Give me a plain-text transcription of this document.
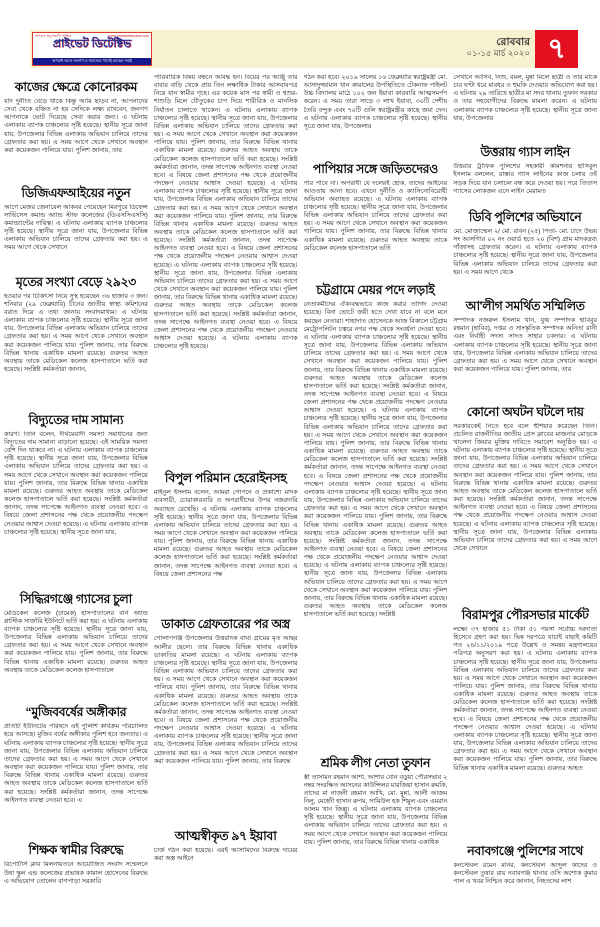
অপরাধ অনুসন্ধানী পাক্ষিক	www.privatedetective.com
প্রাইভেট ডিটেক্টিভ
অপরাধ দমনে জনগণ ও সমাজের পাশেই আছেন সবাই
রোববার
০১-১৫ মার্চ ২০২০ ৭
কাজের ক্ষেত্রে কোনোরকম

যদি দুর্নীতি বেড়ে থাকে কিন্তু আমি ছাড়ব না, আপনাদের সেবা থেকে বঞ্চিত না হয় সেদিকে লক্ষ্য রাখবেন, জনগণ আপনাকে ভোট দিয়েছে সেবা করার জন্য। এ ঘটনায় এলাকায় ব্যাপক চাঞ্চল্যের সৃষ্টি হয়েছে। স্থানীয় সূত্রে জানা যায়, উপজেলার বিভিন্ন এলাকায় অভিযান চালিয়ে তাদের গ্রেফতার করা হয়। এ সময় আগে থেকে সেখানে অবস্থান করা কয়েকজন পালিয়ে যায়। পুলিশ জানায়, তার

ডিজিএফআইয়ের নতুন

আগে মেজর জেনারেল আকবর পেয়েছেন মিরপুরে ডিফেন্স সার্ভিসেস কমান্ড অ্যান্ড স্টাফ কলেজের (ডিএসসিএসসি) কমান্ড্যান্টের দায়িত্ব। এ ঘটনায় এলাকায় ব্যাপক চাঞ্চল্যের সৃষ্টি হয়েছে। স্থানীয় সূত্রে জানা যায়, উপজেলার বিভিন্ন এলাকায় অভিযান চালিয়ে তাদের গ্রেফতার করা হয়। এ সময় আগে থেকে সেখানে

মৃতের সংখ্যা বেড়ে ২৯২৩

হওয়ার পর চিকিৎসা নিয়ে সুস্থ হয়েছেন ৩৬ হাজার ৩ জন। শনিবার (২৯ ফেব্রুয়ারি) চীনের জাতীয় স্বাস্থ্য কমিশনের বরাত দিয়ে এ তথ্য জানায় সংবাদমাধ্যম। এ ঘটনায় এলাকায় ব্যাপক চাঞ্চল্যের সৃষ্টি হয়েছে। স্থানীয় সূত্রে জানা যায়, উপজেলার বিভিন্ন এলাকায় অভিযান চালিয়ে তাদের গ্রেফতার করা হয়। এ সময় আগে থেকে সেখানে অবস্থান করা কয়েকজন পালিয়ে যায়। পুলিশ জানায়, তার বিরুদ্ধে বিভিন্ন থানায় একাধিক মামলা রয়েছে। গুরুতর আহত অবস্থায় তাকে মেডিকেল কলেজ হাসপাতালে ভর্তি করা হয়েছে। সংশ্লিষ্ট কর্মকর্তারা জানান,

বিদ্যুতের দাম সামান্য

কারণ। তিনি বলেন, দীর্ঘমেয়াদী সমস্যা সমাধানের জন্য বিদ্যুতের দাম সামান্য বাড়ানো হয়েছে। এই সাময়িক সমস্যা বেশি দিন থাকবে না। এ ঘটনায় এলাকায় ব্যাপক চাঞ্চল্যের সৃষ্টি হয়েছে। স্থানীয় সূত্রে জানা যায়, উপজেলার বিভিন্ন এলাকায় অভিযান চালিয়ে তাদের গ্রেফতার করা হয়। এ সময় আগে থেকে সেখানে অবস্থান করা কয়েকজন পালিয়ে যায়। পুলিশ জানায়, তার বিরুদ্ধে বিভিন্ন থানায় একাধিক মামলা রয়েছে। গুরুতর আহত অবস্থায় তাকে মেডিকেল কলেজ হাসপাতালে ভর্তি করা হয়েছে। সংশ্লিষ্ট কর্মকর্তারা জানান, তদন্ত সাপেক্ষে আইনগত ব্যবস্থা নেওয়া হবে। এ বিষয়ে জেলা প্রশাসনের পক্ষ থেকে প্রয়োজনীয় পদক্ষেপ নেওয়ার আশ্বাস দেওয়া হয়েছে। এ ঘটনায় এলাকায় ব্যাপক চাঞ্চল্যের সৃষ্টি হয়েছে। স্থানীয় সূত্রে জানা যায়,

সিদ্ধিরগঞ্জে গ্যাসের চুলা

মেডিকেল কলেজ (ঢামেক) হাসপাতালের বার্ন অ্যান্ড প্লাস্টিক সার্জারি ইউনিটে ভর্তি করা হয়। এ ঘটনায় এলাকায় ব্যাপক চাঞ্চল্যের সৃষ্টি হয়েছে। স্থানীয় সূত্রে জানা যায়, উপজেলার বিভিন্ন এলাকায় অভিযান চালিয়ে তাদের গ্রেফতার করা হয়। এ সময় আগে থেকে সেখানে অবস্থান করা কয়েকজন পালিয়ে যায়। পুলিশ জানায়, তার বিরুদ্ধে বিভিন্ন থানায় একাধিক মামলা রয়েছে। গুরুতর আহত অবস্থায় তাকে মেডিকেল কলেজ হাসপাতালে

“মুজিববর্ষের অঙ্গীকার

প্রতিটি ইউনিটের পরিষদে এই পুলিশি কার্যক্রম পরিচালিত হয়ে আসছে। মুজিব বর্ষের অঙ্গীকার পুলিশ হবে জনতার। এ ঘটনায় এলাকায় ব্যাপক চাঞ্চল্যের সৃষ্টি হয়েছে। স্থানীয় সূত্রে জানা যায়, উপজেলার বিভিন্ন এলাকায় অভিযান চালিয়ে তাদের গ্রেফতার করা হয়। এ সময় আগে থেকে সেখানে অবস্থান করা কয়েকজন পালিয়ে যায়। পুলিশ জানায়, তার বিরুদ্ধে বিভিন্ন থানায় একাধিক মামলা রয়েছে। গুরুতর আহত অবস্থায় তাকে মেডিকেল কলেজ হাসপাতালে ভর্তি করা হয়েছে। সংশ্লিষ্ট কর্মকর্তারা জানান, তদন্ত সাপেক্ষে আইনগত ব্যবস্থা নেওয়া হবে। এ

শিক্ষক স্বামীর বিরুদ্ধে

রিপোর্টার্স ক্লাব মিলনায়তনে আয়োজিত সংবাদ সম্মেলনে উষা স্কুল এন্ড কলেজের প্রভাষক কামাল হোসেনের বিরুদ্ধে এ অভিযোগ তোলেন বাগপাড়া সরকারি

পারিবারিক বিষয় বন্ধনে আবদ্ধ হন। বিয়ের পর আঞ্জু তার বাবার বাড়ি থেকে প্রায় তিন লক্ষাধিক টাকার আসবাবপত্র নিয়ে যান স্বামীর গৃহে। এর কয়েক মাস পর স্বামী ও শ্বশুর-শাশুড়ি মিলে যৌতুকের চাপ দিয়ে শারীরিক ও মানসিক নির্যাতন চালাতে থাকেন। এ ঘটনায় এলাকায় ব্যাপক চাঞ্চল্যের সৃষ্টি হয়েছে। স্থানীয় সূত্রে জানা যায়, উপজেলার বিভিন্ন এলাকায় অভিযান চালিয়ে তাদের গ্রেফতার করা হয়। এ সময় আগে থেকে সেখানে অবস্থান করা কয়েকজন পালিয়ে যায়। পুলিশ জানায়, তার বিরুদ্ধে বিভিন্ন থানায় একাধিক মামলা রয়েছে। গুরুতর আহত অবস্থায় তাকে মেডিকেল কলেজ হাসপাতালে ভর্তি করা হয়েছে। সংশ্লিষ্ট কর্মকর্তারা জানান, তদন্ত সাপেক্ষে আইনগত ব্যবস্থা নেওয়া হবে। এ বিষয়ে জেলা প্রশাসনের পক্ষ থেকে প্রয়োজনীয় পদক্ষেপ নেওয়ার আশ্বাস দেওয়া হয়েছে। এ ঘটনায় এলাকায় ব্যাপক চাঞ্চল্যের সৃষ্টি হয়েছে। স্থানীয় সূত্রে জানা যায়, উপজেলার বিভিন্ন এলাকায় অভিযান চালিয়ে তাদের গ্রেফতার করা হয়। এ সময় আগে থেকে সেখানে অবস্থান করা কয়েকজন পালিয়ে যায়। পুলিশ জানায়, তার বিরুদ্ধে বিভিন্ন থানায় একাধিক মামলা রয়েছে। গুরুতর আহত অবস্থায় তাকে মেডিকেল কলেজ হাসপাতালে ভর্তি করা হয়েছে। সংশ্লিষ্ট কর্মকর্তারা জানান, তদন্ত সাপেক্ষে আইনগত ব্যবস্থা নেওয়া হবে। এ বিষয়ে জেলা প্রশাসনের পক্ষ থেকে প্রয়োজনীয় পদক্ষেপ নেওয়ার আশ্বাস দেওয়া হয়েছে। এ ঘটনায় এলাকায় ব্যাপক চাঞ্চল্যের সৃষ্টি হয়েছে। স্থানীয় সূত্রে জানা যায়, উপজেলার বিভিন্ন এলাকায় অভিযান চালিয়ে তাদের গ্রেফতার করা হয়। এ সময় আগে থেকে সেখানে অবস্থান করা কয়েকজন পালিয়ে যায়। পুলিশ জানায়, তার বিরুদ্ধে বিভিন্ন থানায় একাধিক মামলা রয়েছে। গুরুতর আহত অবস্থায় তাকে মেডিকেল কলেজ হাসপাতালে ভর্তি করা হয়েছে। সংশ্লিষ্ট কর্মকর্তারা জানান, তদন্ত সাপেক্ষে আইনগত ব্যবস্থা নেওয়া হবে। এ বিষয়ে জেলা প্রশাসনের পক্ষ থেকে প্রয়োজনীয় পদক্ষেপ নেওয়ার আশ্বাস দেওয়া হয়েছে। এ ঘটনায় এলাকায় ব্যাপক চাঞ্চল্যের সৃষ্টি হয়েছে।

বিপুল পরিমান হেরোইনসহ

মাইনুল ইসলাম বলেন, আমরা গোপনে ও প্রকাশ্যে মাদক ব্যবসায়ী, চোরাকারবারি ও অপরাধীদের উপর নজরদারি অব্যাহত রেখেছি। এ ঘটনায় এলাকায় ব্যাপক চাঞ্চল্যের সৃষ্টি হয়েছে। স্থানীয় সূত্রে জানা যায়, উপজেলার বিভিন্ন এলাকায় অভিযান চালিয়ে তাদের গ্রেফতার করা হয়। এ সময় আগে থেকে সেখানে অবস্থান করা কয়েকজন পালিয়ে যায়। পুলিশ জানায়, তার বিরুদ্ধে বিভিন্ন থানায় একাধিক মামলা রয়েছে। গুরুতর আহত অবস্থায় তাকে মেডিকেল কলেজ হাসপাতালে ভর্তি করা হয়েছে। সংশ্লিষ্ট কর্মকর্তারা জানান, তদন্ত সাপেক্ষে আইনগত ব্যবস্থা নেওয়া হবে। এ বিষয়ে জেলা প্রশাসনের পক্ষ

ডাকাত গ্রেফতারের পর অস্ত্র

গোলাপগঞ্জ উপজেলার উত্তরদিক বাঘা গ্রামের মৃত আছর আলীর ছেলে। তার বিরুদ্ধে বিভিন্ন থানায় একাধিক ডাকাতির মামলা রয়েছে। এ ঘটনায় এলাকায় ব্যাপক চাঞ্চল্যের সৃষ্টি হয়েছে। স্থানীয় সূত্রে জানা যায়, উপজেলার বিভিন্ন এলাকায় অভিযান চালিয়ে তাদের গ্রেফতার করা হয়। এ সময় আগে থেকে সেখানে অবস্থান করা কয়েকজন পালিয়ে যায়। পুলিশ জানায়, তার বিরুদ্ধে বিভিন্ন থানায় একাধিক মামলা রয়েছে। গুরুতর আহত অবস্থায় তাকে মেডিকেল কলেজ হাসপাতালে ভর্তি করা হয়েছে। সংশ্লিষ্ট কর্মকর্তারা জানান, তদন্ত সাপেক্ষে আইনগত ব্যবস্থা নেওয়া হবে। এ বিষয়ে জেলা প্রশাসনের পক্ষ থেকে প্রয়োজনীয় পদক্ষেপ নেওয়ার আশ্বাস দেওয়া হয়েছে। এ ঘটনায় এলাকায় ব্যাপক চাঞ্চল্যের সৃষ্টি হয়েছে। স্থানীয় সূত্রে জানা যায়, উপজেলার বিভিন্ন এলাকায় অভিযান চালিয়ে তাদের গ্রেফতার করা হয়। এ সময় আগে থেকে সেখানে অবস্থান করা কয়েকজন পালিয়ে যায়। পুলিশ জানায়, তার বিরুদ্ধে

আত্মস্বীকৃত ৯৭ ইয়াবা

চার্জ গঠন করা হয়েছে। এরই আসামিদের বিরুদ্ধে দায়ের করা অস্ত্র আইনে

গঠন করা হবে। ২০১৯ সালের ১৬ ফেব্রুয়ারি স্বরাষ্ট্রমন্ত্রী মো. আসাদুজ্জামান খান কামালের উপস্থিতিতে টেকনাফ পাইলট উচ্চ বিদ্যালয় মাঠে ১০২ জন ইয়াবা কারবারি আত্মসমর্পণ করেন। এ সময় তারা সাড়ে ৩ লাখ ইয়াবা, ৩০টি দেশীয় তৈরি বন্দুক এবং ৭০টি গুলি স্বরাষ্ট্রমন্ত্রীর কাছে জমা দেন। এ ঘটনায় এলাকায় ব্যাপক চাঞ্চল্যের সৃষ্টি হয়েছে। স্থানীয় সূত্রে জানা যায়, উপজেলার

পাপিয়ার সঙ্গে জড়িতদেরও

পার পাবে না। অপরাধী যে দলেরই হোক, তাদের আইনের আওতায় আনা হবে। এখনে দুর্নীতি ও ক্যাসিনোবিরোধী অভিযান অব্যাহত রয়েছে। এ ঘটনায় এলাকায় ব্যাপক চাঞ্চল্যের সৃষ্টি হয়েছে। স্থানীয় সূত্রে জানা যায়, উপজেলার বিভিন্ন এলাকায় অভিযান চালিয়ে তাদের গ্রেফতার করা হয়। এ সময় আগে থেকে সেখানে অবস্থান করা কয়েকজন পালিয়ে যায়। পুলিশ জানায়, তার বিরুদ্ধে বিভিন্ন থানায় একাধিক মামলা রয়েছে। গুরুতর আহত অবস্থায় তাকে মেডিকেল কলেজ হাসপাতালে ভর্তি

চট্টগ্রামে মেয়র পদে লড়াই

নেতাকর্মীদের ঐক্যবদ্ধভাবে কাজ করার তাগিদ দেওয়া হয়েছে। বিনা ভোটে জয়ী হতে দেখা যাবে না বলে মনে করছেন নেতারা। শাহাদাত হোসেনকে আজ বিকালে চট্টগ্রাম মেট্রোপলিটন চত্বরে নগর পক্ষ থেকে সংবর্ধনা দেওয়া হবে। এ ঘটনায় এলাকায় ব্যাপক চাঞ্চল্যের সৃষ্টি হয়েছে। স্থানীয় সূত্রে জানা যায়, উপজেলার বিভিন্ন এলাকায় অভিযান চালিয়ে তাদের গ্রেফতার করা হয়। এ সময় আগে থেকে সেখানে অবস্থান করা কয়েকজন পালিয়ে যায়। পুলিশ জানায়, তার বিরুদ্ধে বিভিন্ন থানায় একাধিক মামলা রয়েছে। গুরুতর আহত অবস্থায় তাকে মেডিকেল কলেজ হাসপাতালে ভর্তি করা হয়েছে। সংশ্লিষ্ট কর্মকর্তারা জানান, তদন্ত সাপেক্ষে আইনগত ব্যবস্থা নেওয়া হবে। এ বিষয়ে জেলা প্রশাসনের পক্ষ থেকে প্রয়োজনীয় পদক্ষেপ নেওয়ার আশ্বাস দেওয়া হয়েছে। এ ঘটনায় এলাকায় ব্যাপক চাঞ্চল্যের সৃষ্টি হয়েছে। স্থানীয় সূত্রে জানা যায়, উপজেলার বিভিন্ন এলাকায় অভিযান চালিয়ে তাদের গ্রেফতার করা হয়। এ সময় আগে থেকে সেখানে অবস্থান করা কয়েকজন পালিয়ে যায়। পুলিশ জানায়, তার বিরুদ্ধে বিভিন্ন থানায় একাধিক মামলা রয়েছে। গুরুতর আহত অবস্থায় তাকে মেডিকেল কলেজ হাসপাতালে ভর্তি করা হয়েছে। সংশ্লিষ্ট কর্মকর্তারা জানান, তদন্ত সাপেক্ষে আইনগত ব্যবস্থা নেওয়া হবে। এ বিষয়ে জেলা প্রশাসনের পক্ষ থেকে প্রয়োজনীয় পদক্ষেপ নেওয়ার আশ্বাস দেওয়া হয়েছে। এ ঘটনায় এলাকায় ব্যাপক চাঞ্চল্যের সৃষ্টি হয়েছে। স্থানীয় সূত্রে জানা যায়, উপজেলার বিভিন্ন এলাকায় অভিযান চালিয়ে তাদের গ্রেফতার করা হয়। এ সময় আগে থেকে সেখানে অবস্থান করা কয়েকজন পালিয়ে যায়। পুলিশ জানায়, তার বিরুদ্ধে বিভিন্ন থানায় একাধিক মামলা রয়েছে। গুরুতর আহত অবস্থায় তাকে মেডিকেল কলেজ হাসপাতালে ভর্তি করা হয়েছে। সংশ্লিষ্ট কর্মকর্তারা জানান, তদন্ত সাপেক্ষে আইনগত ব্যবস্থা নেওয়া হবে। এ বিষয়ে জেলা প্রশাসনের পক্ষ থেকে প্রয়োজনীয় পদক্ষেপ নেওয়ার আশ্বাস দেওয়া হয়েছে। এ ঘটনায় এলাকায় ব্যাপক চাঞ্চল্যের সৃষ্টি হয়েছে। স্থানীয় সূত্রে জানা যায়, উপজেলার বিভিন্ন এলাকায় অভিযান চালিয়ে তাদের গ্রেফতার করা হয়। এ সময় আগে থেকে সেখানে অবস্থান করা কয়েকজন পালিয়ে যায়। পুলিশ জানায়, তার বিরুদ্ধে বিভিন্ন থানায় একাধিক মামলা রয়েছে। গুরুতর আহত অবস্থায় তাকে মেডিকেল কলেজ হাসপাতালে ভর্তি করা হয়েছে। সংশ্লিষ্ট

শ্রমিক লীগ নেতা তুফান

স্ত্রী তাসমিন রহমান আশা, আশার বোন বড়ুয়া পৌরসভার ২ নম্বর সংরক্ষিত আসনের কাউন্সিলর মারজিয়া হাসান রুমকি, তাদের মা নাজনী রহমান আখি, মো. মুন্না, আলী আজম নিলু, মেহেদী হাসান রুপম, সামিউল হক শিমুল এবং এমরান আলম খান জিল্লু। এ ঘটনায় এলাকায় ব্যাপক চাঞ্চল্যের সৃষ্টি হয়েছে। স্থানীয় সূত্রে জানা যায়, উপজেলার বিভিন্ন এলাকায় অভিযান চালিয়ে তাদের গ্রেফতার করা হয়। এ সময় আগে থেকে সেখানে অবস্থান করা কয়েকজন পালিয়ে যায়। পুলিশ জানায়, তার বিরুদ্ধে বিভিন্ন থানায় একাধিক

সেখানে আসিব, নিশু, রমল, মুন্না মিলে ছাত্রী ও তার মাকে চার ঘণ্টা ধরে মারধর ও হুমকি দেওয়ার অভিযোগ করা হয়। এ ঘটনায় ২৯ তারিখে ছাত্রীর মা সদর থানায় তুফান সরকার ও তার সহযোগীদের বিরুদ্ধে মামলা করেন। এ ঘটনায় এলাকায় ব্যাপক চাঞ্চল্যের সৃষ্টি হয়েছে। স্থানীয় সূত্রে জানা যায়, উপজেলার

উত্তরায় গ্যাস লাইন

উত্তরার ট্রাফিক পুলিশের সহকারী কমিশনার হাসিবুল ইসলাম বললেন, রাস্তার গ্যাস লাইনের কাজ চলায় ওই সড়ক দিয়ে যান চলাচল বন্ধ করে দেওয়া হয়। পরে তিতাস গ্যাসের লোকজন এসে লাইন মেরামত

ডিবি পুলিশের অভিযানে

মো. মোজাম্মেল ২/ মো. রবিন (২৫) পিতা- মো. চাদে উভয় সং আসগিার ০২ নং ওয়ার্ড হতে ২০ (বিশ) গ্রাম মাদকদ্রব্য গাঁজাসহ গ্রেফতার করেন। এ ঘটনায় এলাকায় ব্যাপক চাঞ্চল্যের সৃষ্টি হয়েছে। স্থানীয় সূত্রে জানা যায়, উপজেলার বিভিন্ন এলাকায় অভিযান চালিয়ে তাদের গ্রেফতার করা হয়। এ সময় আগে থেকে

আ'লীগ সমর্থিত সম্মিলিত

সম্পাদক নজরুল ইসলাম খান, যুগ্ম সম্পাদক হাবিবুর রহমান (হাবিব), দপ্তর ও সাংস্কৃতিক সম্পাদক অনিতা রানী এবং নির্বাহী সদস্য সাদত সাহার চকদার। এ ঘটনায় এলাকায় ব্যাপক চাঞ্চল্যের সৃষ্টি হয়েছে। স্থানীয় সূত্রে জানা যায়, উপজেলার বিভিন্ন এলাকায় অভিযান চালিয়ে তাদের গ্রেফতার করা হয়। এ সময় আগে থেকে সেখানে অবস্থান করা কয়েকজন পালিয়ে যায়। পুলিশ জানায়, তার

কোনো অঘটন ঘটলে দায়

সরকারকেই নিতে হবে বলে হুঁশিয়ার করেছেন তিনি। প্রচলিত রাজনীতির জাতীয় প্রেস ক্লাবের মাজনার মোড়কে খালেদা জিয়ার মুক্তির দাবিতে সমাবেশ অনুষ্ঠিত হয়। এ ঘটনায় এলাকায় ব্যাপক চাঞ্চল্যের সৃষ্টি হয়েছে। স্থানীয় সূত্রে জানা যায়, উপজেলার বিভিন্ন এলাকায় অভিযান চালিয়ে তাদের গ্রেফতার করা হয়। এ সময় আগে থেকে সেখানে অবস্থান করা কয়েকজন পালিয়ে যায়। পুলিশ জানায়, তার বিরুদ্ধে বিভিন্ন থানায় একাধিক মামলা রয়েছে। গুরুতর আহত অবস্থায় তাকে মেডিকেল কলেজ হাসপাতালে ভর্তি করা হয়েছে। সংশ্লিষ্ট কর্মকর্তারা জানান, তদন্ত সাপেক্ষে আইনগত ব্যবস্থা নেওয়া হবে। এ বিষয়ে জেলা প্রশাসনের পক্ষ থেকে প্রয়োজনীয় পদক্ষেপ নেওয়ার আশ্বাস দেওয়া হয়েছে। এ ঘটনায় এলাকায় ব্যাপক চাঞ্চল্যের সৃষ্টি হয়েছে। স্থানীয় সূত্রে জানা যায়, উপজেলার বিভিন্ন এলাকায় অভিযান চালিয়ে তাদের গ্রেফতার করা হয়। এ সময় আগে থেকে সেখানে

বিরামপুর পৌরসভার মার্কেট

লক্ষ্যে ৩৭ হাজার ৫১ টাকা ৫১ পয়সা সর্বোচ্চ দরদাতা হিসেবে গ্রহণ করা হয়। ভিন্ন দরপত্রে যাচাই বাছাই কমিটি গত ২৪/১১/২০১৯ পত্রে উল্লেখ ও সমন্বয় মন্ত্রণালয়ের পরিপত্র অনুসরণ করা হয়। এ ঘটনায় এলাকায় ব্যাপক চাঞ্চল্যের সৃষ্টি হয়েছে। স্থানীয় সূত্রে জানা যায়, উপজেলার বিভিন্ন এলাকায় অভিযান চালিয়ে তাদের গ্রেফতার করা হয়। এ সময় আগে থেকে সেখানে অবস্থান করা কয়েকজন পালিয়ে যায়। পুলিশ জানায়, তার বিরুদ্ধে বিভিন্ন থানায় একাধিক মামলা রয়েছে। গুরুতর আহত অবস্থায় তাকে মেডিকেল কলেজ হাসপাতালে ভর্তি করা হয়েছে। সংশ্লিষ্ট কর্মকর্তারা জানান, তদন্ত সাপেক্ষে আইনগত ব্যবস্থা নেওয়া হবে। এ বিষয়ে জেলা প্রশাসনের পক্ষ থেকে প্রয়োজনীয় পদক্ষেপ নেওয়ার আশ্বাস দেওয়া হয়েছে। এ ঘটনায় এলাকায় ব্যাপক চাঞ্চল্যের সৃষ্টি হয়েছে। স্থানীয় সূত্রে জানা যায়, উপজেলার বিভিন্ন এলাকায় অভিযান চালিয়ে তাদের গ্রেফতার করা হয়। এ সময় আগে থেকে সেখানে অবস্থান করা কয়েকজন পালিয়ে যায়। পুলিশ জানায়, তার বিরুদ্ধে বিভিন্ন থানায় একাধিক মামলা রয়েছে। গুরুতর আহত

নবাবগঞ্জে পুলিশের সাথে

কনস্টেবল রমেন মনির, কনস্টেবল আব্দুল কাদের ও কনস্টেবল তুষার রায় নবাবগঞ্জ থানার ওসি অশোক কুমার পাল এ খবর নিশ্চিত করে জানান, নিহতদের লাশ
